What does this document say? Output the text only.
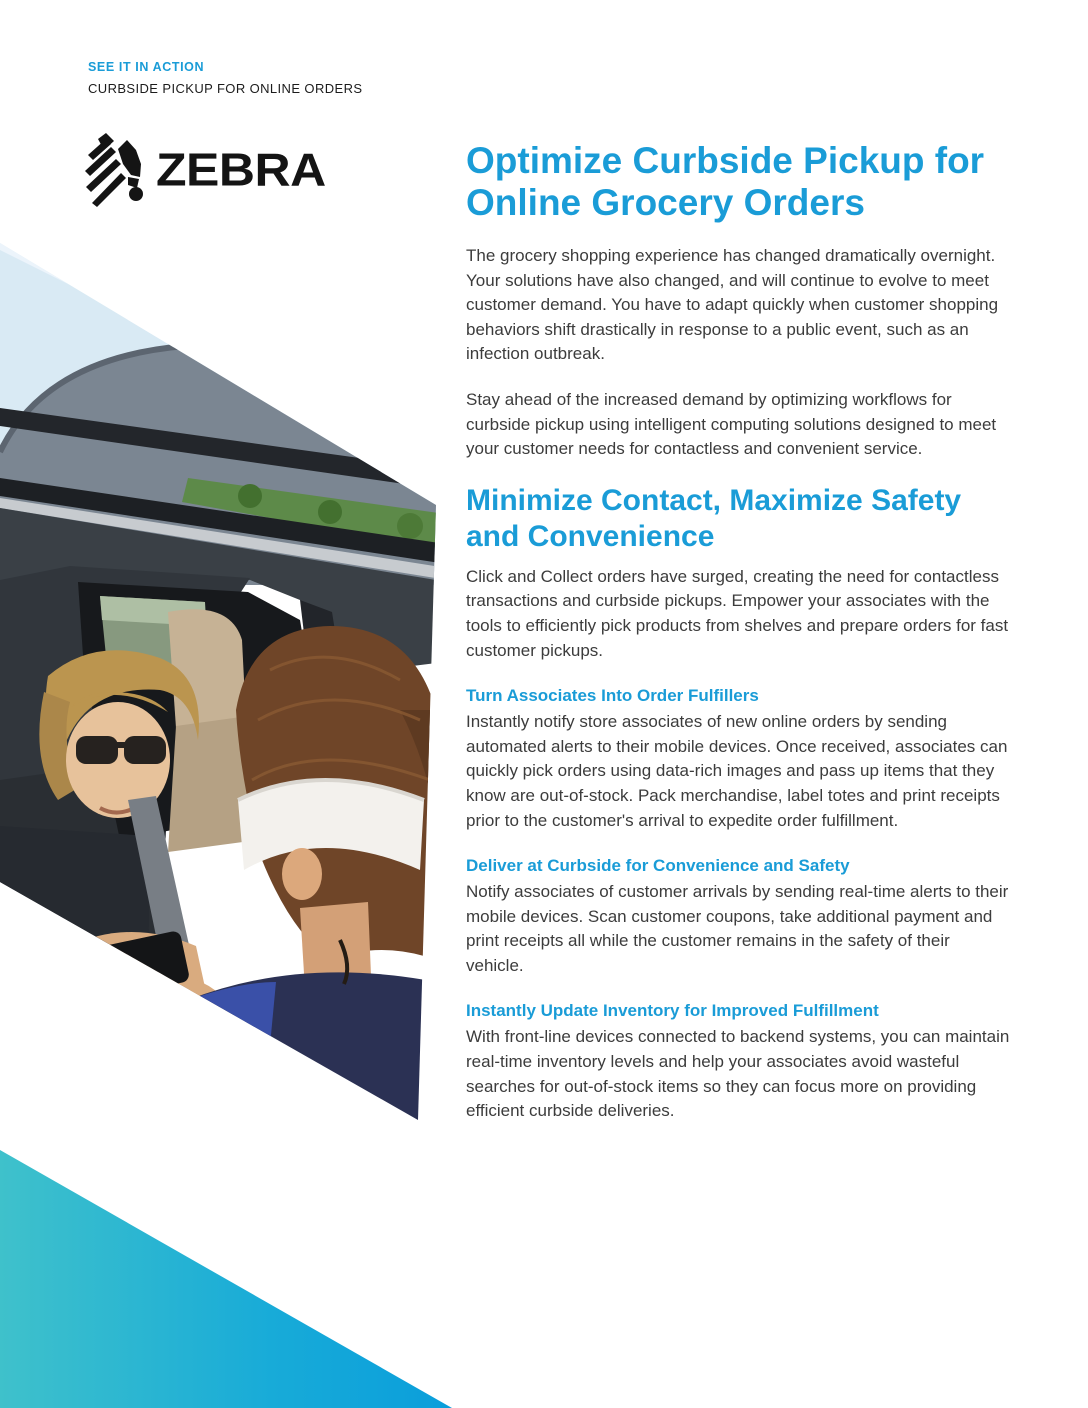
SEE IT IN ACTION
CURBSIDE PICKUP FOR ONLINE ORDERS
ZEBRA	Optimize Curbside Pickup for Online Grocery Orders

The grocery shopping experience has changed dramatically overnight. Your solutions have also changed, and will continue to evolve to meet customer demand. You have to adapt quickly when customer shopping behaviors shift drastically in response to a public event, such as an infection outbreak.

Stay ahead of the increased demand by optimizing workflows for curbside pickup using intelligent computing solutions designed to meet your customer needs for contactless and convenient service.

Minimize Contact, Maximize Safety and Convenience

Click and Collect orders have surged, creating the need for contactless transactions and curbside pickups. Empower your associates with the tools to efficiently pick products from shelves and prepare orders for fast customer pickups.

Turn Associates Into Order Fulfillers

Instantly notify store associates of new online orders by sending automated alerts to their mobile devices. Once received, associates can quickly pick orders using data-rich images and pass up items that they know are out-of-stock. Pack merchandise, label totes and print receipts prior to the customer's arrival to expedite order fulfillment.

Deliver at Curbside for Convenience and Safety

Notify associates of customer arrivals by sending real-time alerts to their mobile devices. Scan customer coupons, take additional payment and print receipts all while the customer remains in the safety of their vehicle.

Instantly Update Inventory for Improved Fulfillment

With front-line devices connected to backend systems, you can maintain real-time inventory levels and help your associates avoid wasteful searches for out-of-stock items so they can focus more on providing efficient curbside deliveries.
